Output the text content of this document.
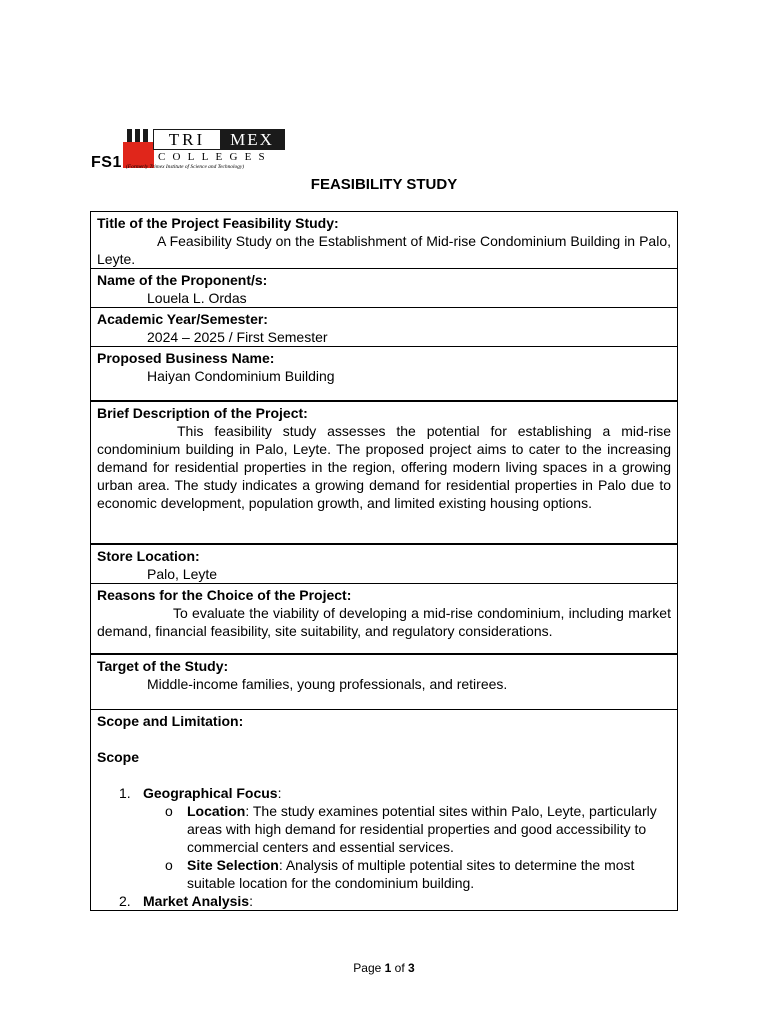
FS1
TRI	MEX
COLLEGES
(Formerly Trimex Institute of Science and Technology)
FEASIBILITY STUDY
Title of the Project Feasibility Study:
A Feasibility Study on the Establishment of Mid-rise Condominium Building in Palo, Leyte.

Name of the Proponent/s:
Louela L. Ordas

Academic Year/Semester:
2024 – 2025 / First Semester

Proposed Business Name:
Haiyan Condominium Building

Brief Description of the Project:
This feasibility study assesses the potential for establishing a mid-rise condominium building in Palo, Leyte. The proposed project aims to cater to the increasing demand for residential properties in the region, offering modern living spaces in a growing urban area. The study indicates a growing demand for residential properties in Palo due to economic development, population growth, and limited existing housing options.

Store Location:
Palo, Leyte

Reasons for the Choice of the Project:
To evaluate the viability of developing a mid-rise condominium, including market demand, financial feasibility, site suitability, and regulatory considerations.

Target of the Study:
Middle-income families, young professionals, and retirees.

Scope and Limitation:
Scope
1. Geographical Focus:
o Location: The study examines potential sites within Palo, Leyte, particularly areas with high demand for residential properties and good accessibility to commercial centers and essential services.
o Site Selection: Analysis of multiple potential sites to determine the most suitable location for the condominium building.
2. Market Analysis:
Page 1 of 3
